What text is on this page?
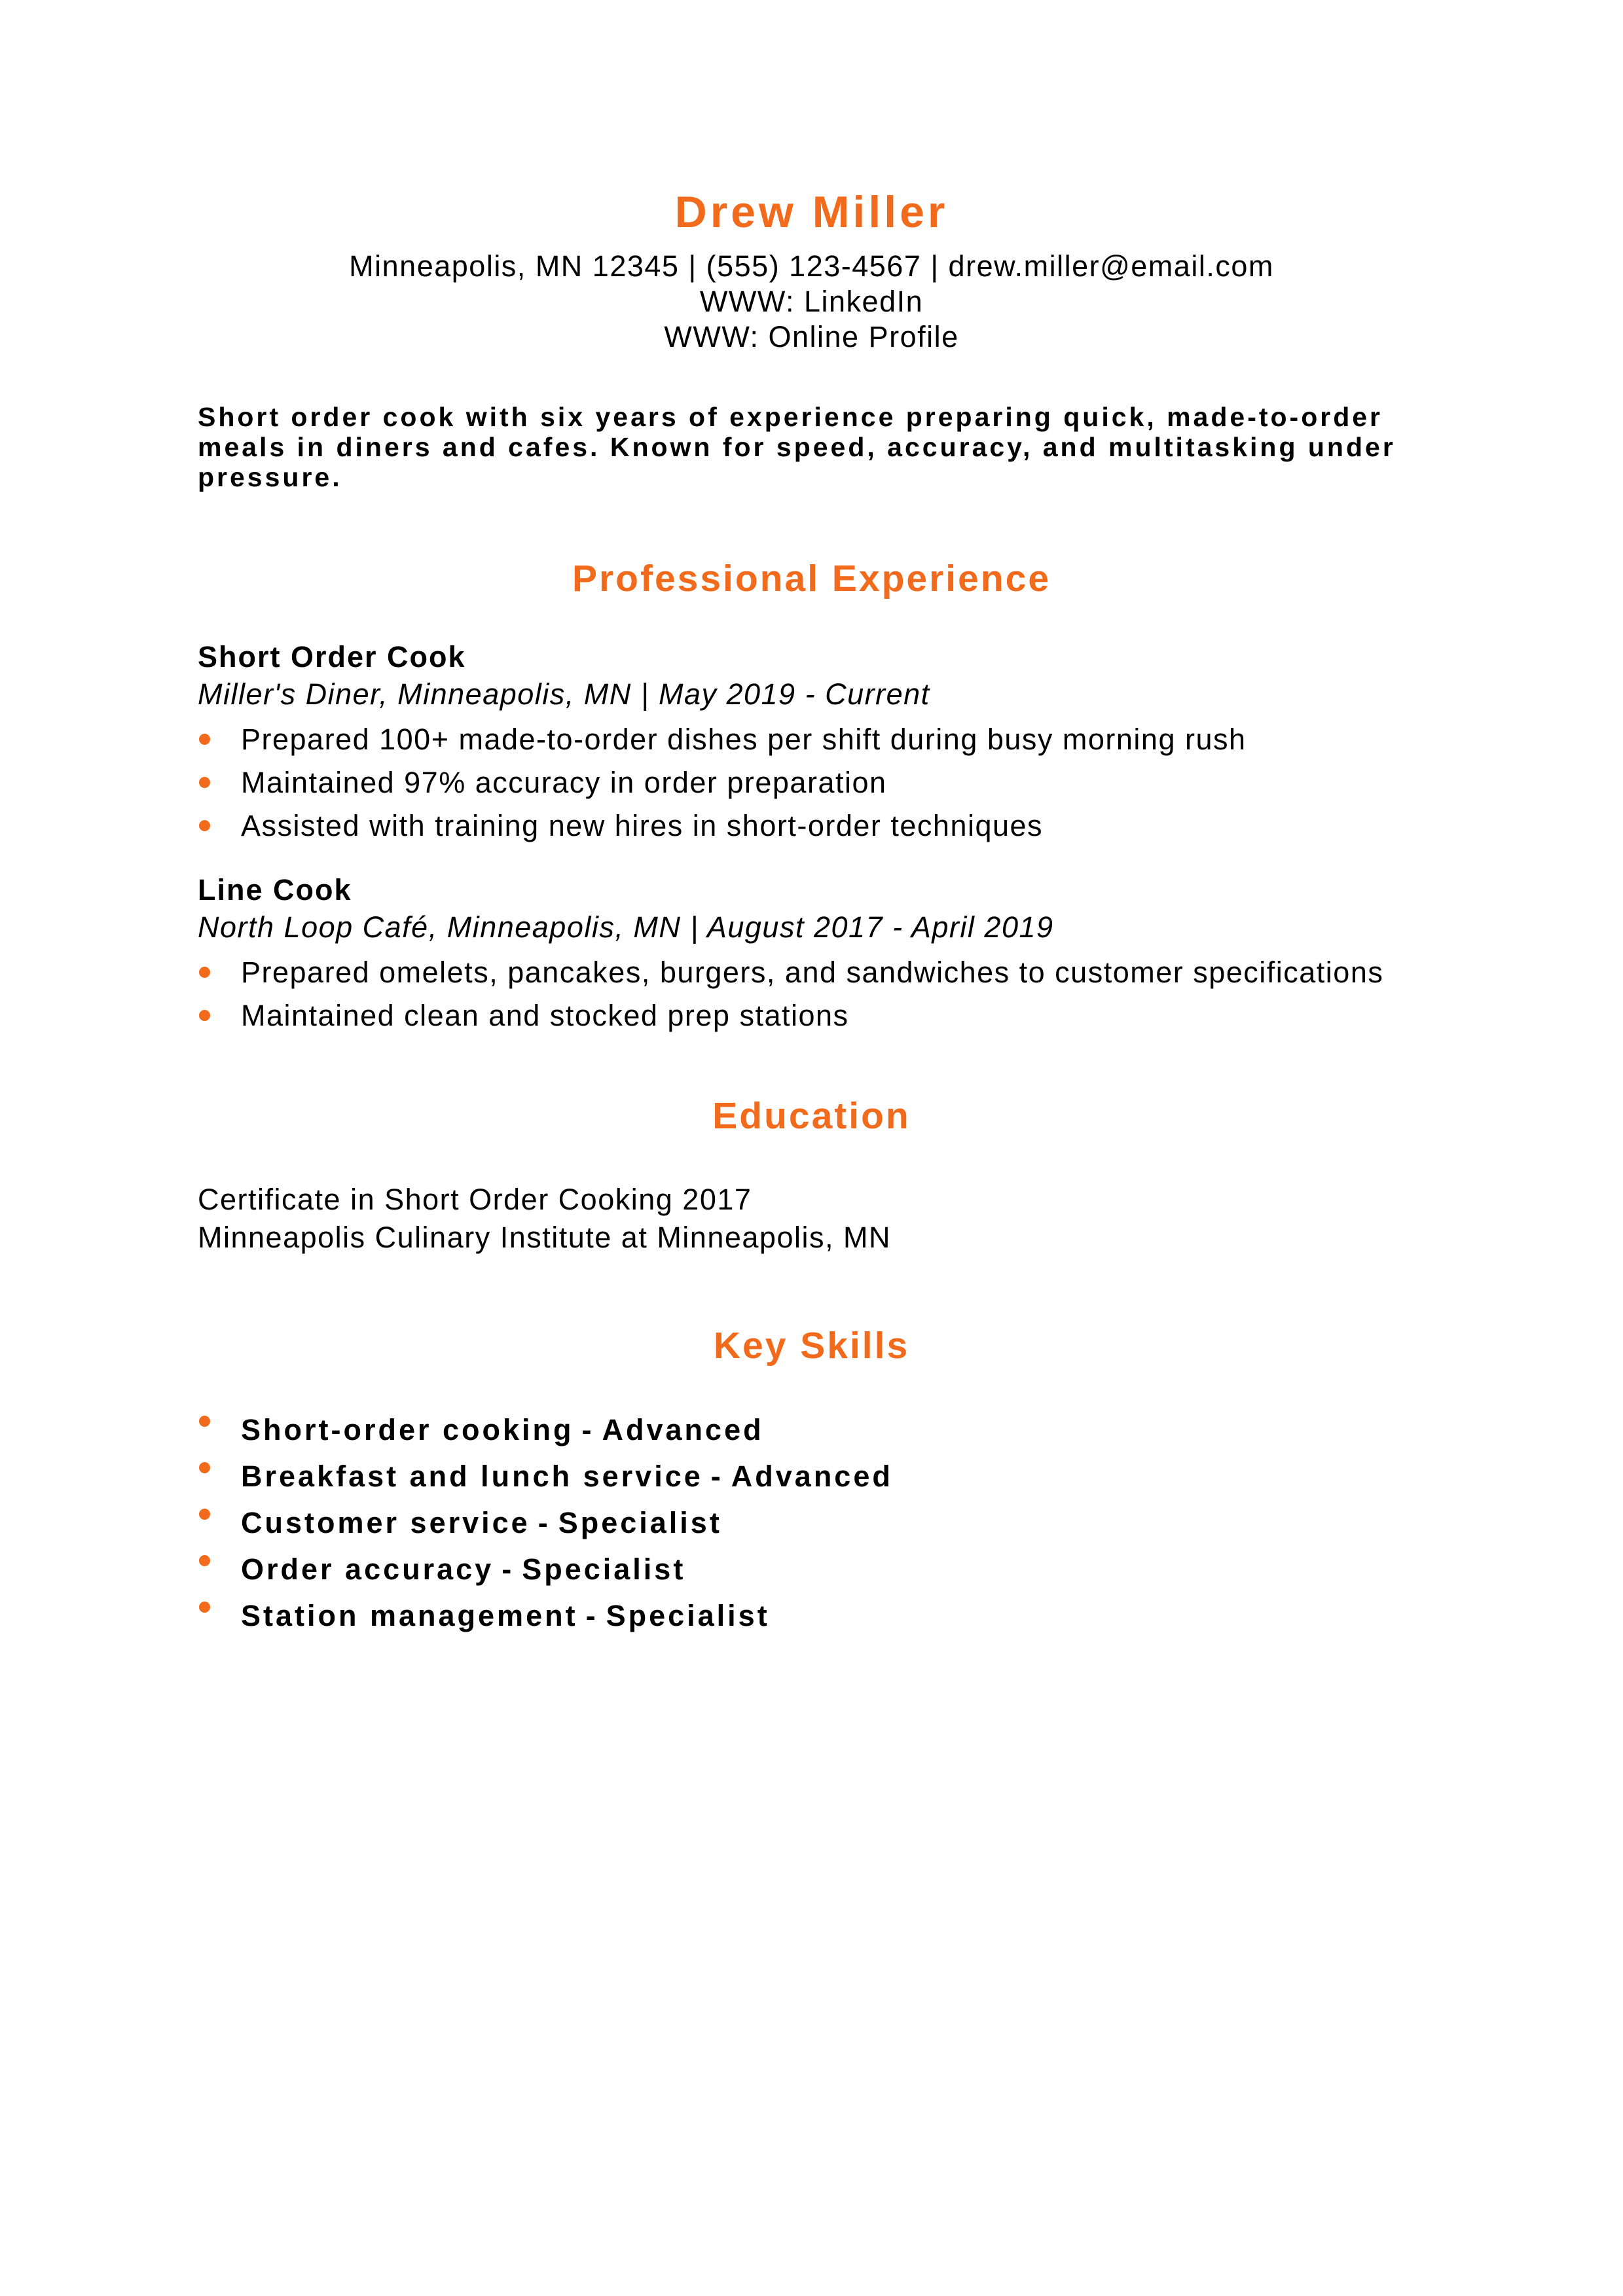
Drew Miller
Minneapolis, MN 12345 | (555) 123-4567 | drew.miller@email.com
WWW: LinkedIn
WWW: Online Profile

Short order cook with six years of experience preparing quick, made-to-order meals in diners and cafes. Known for speed, accuracy, and multitasking under pressure.

Professional Experience
Short Order Cook
Miller's Diner, Minneapolis, MN | May 2019 - Current
Prepared 100+ made-to-order dishes per shift during busy morning rush
Maintained 97% accuracy in order preparation
Assisted with training new hires in short-order techniques
Line Cook
North Loop Café, Minneapolis, MN | August 2017 - April 2019
Prepared omelets, pancakes, burgers, and sandwiches to customer specifications
Maintained clean and stocked prep stations
Education
Certificate in Short Order Cooking 2017
Minneapolis Culinary Institute at Minneapolis, MN
Key Skills
Short-order cooking - Advanced
Breakfast and lunch service - Advanced
Customer service - Specialist
Order accuracy - Specialist
Station management - Specialist
